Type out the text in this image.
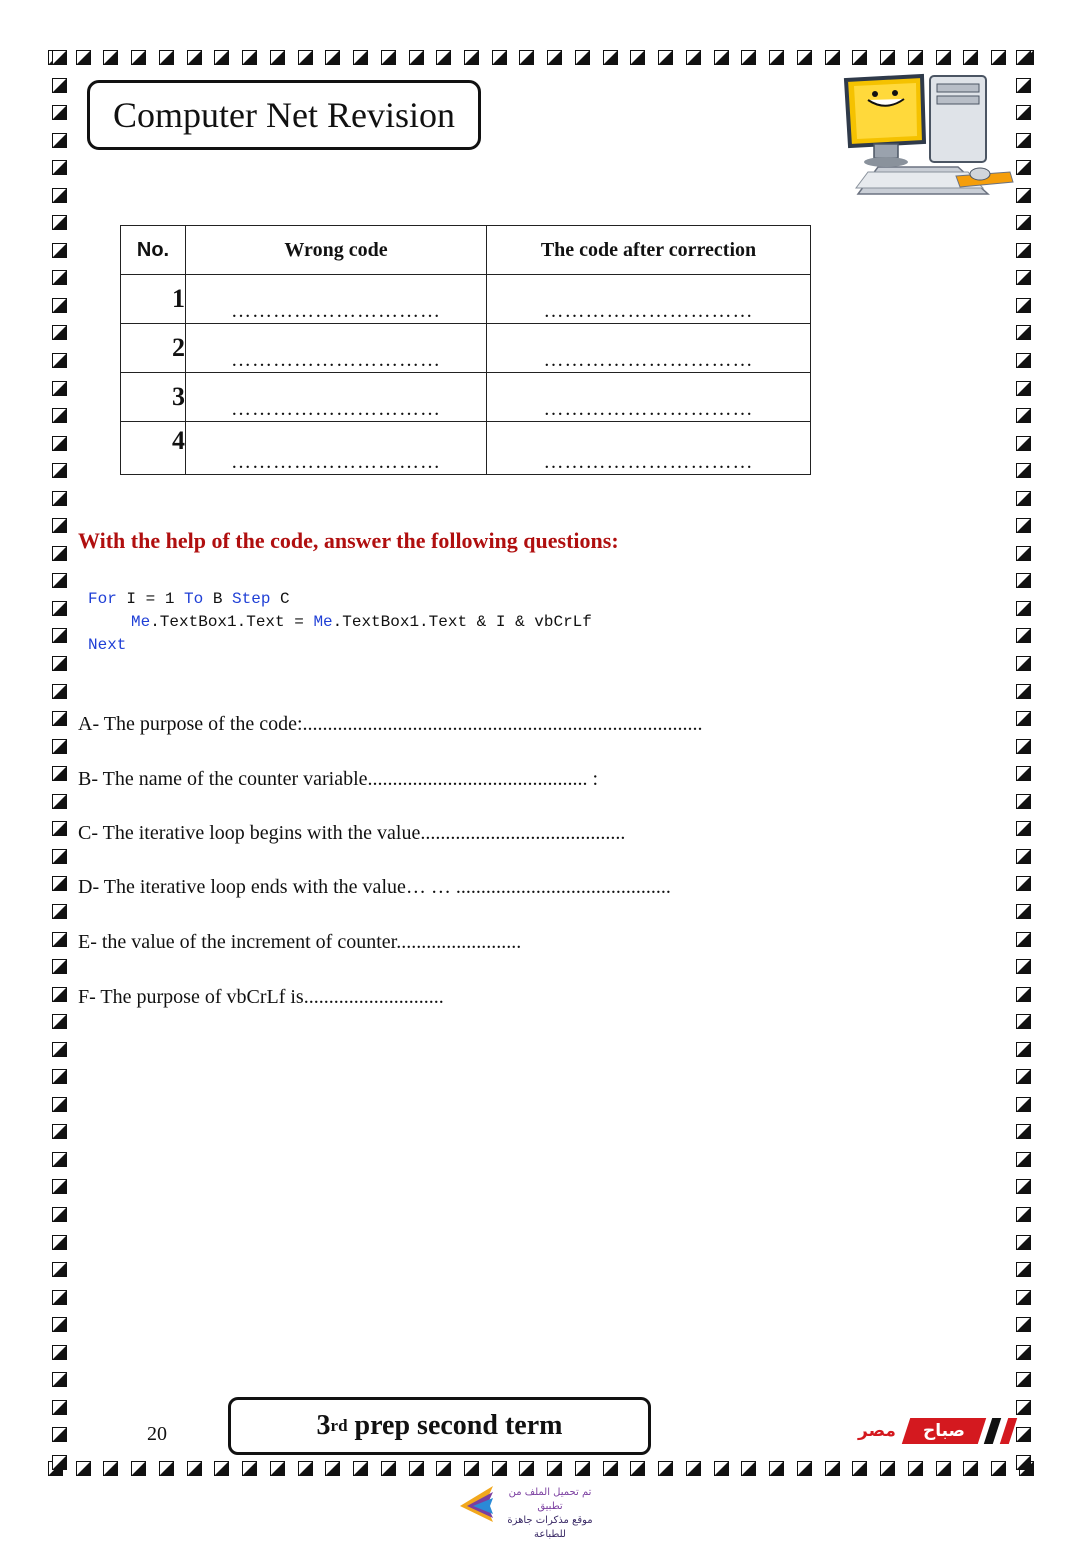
Computer Net Revision
No.	Wrong code	The code after correction
1	…………………………	…………………………
2	…………………………	…………………………
3	…………………………	…………………………
4	…………………………	…………………………
With the help of the code, answer the following questions:
For I = 1 To B Step C
Me.TextBox1.Text = Me.TextBox1.Text & I & vbCrLf
Next
A- The purpose of the code:................................................................................
B- The name of the counter variable............................................ :
C- The iterative loop begins with the value.........................................
D- The iterative loop ends with the value… … ...........................................
E- the value of the increment of counter.........................
F- The purpose of vbCrLf is............................
20	3 rd prep second term	مصر	صباح
تم تحميل الملف من تطبيق
موقع مذكرات جاهزة للطباعة
